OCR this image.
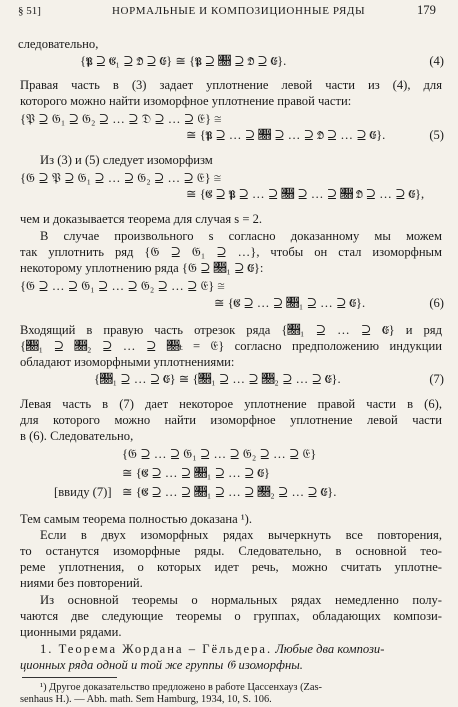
§ 51]	НОРМАЛЬНЫЕ И КОМПОЗИЦИОННЫЕ РЯДЫ	179
следовательно,
{𝔓 ⊇ 𝔊₁ ⊇ 𝔇 ⊇ 𝔈} ≅ {𝔓 ⊇ 𝔋 ⊇ 𝔇 ⊇ 𝔈}.	(4)
Правая часть в (3) задает уплотнение левой части из (4), для
которого можно найти изоморфное уплотнение правой части:
{𝔓 ⊇ 𝔊₁ ⊇ 𝔊₂ ⊇ … ⊇ 𝔇 ⊇ … ⊇ 𝔈} ≅
≅ {𝔓 ⊇ … ⊇ 𝔋 ⊇ … ⊇ 𝔇 ⊇ … ⊇ 𝔈}.	(5)
Из (3) и (5) следует изоморфизм
{𝔊 ⊇ 𝔓 ⊇ 𝔊₁ ⊇ … ⊇ 𝔊₂ ⊇ … ⊇ 𝔈} ≅
≅ {𝔊 ⊇ 𝔓 ⊇ … ⊇ 𝔋 ⊇ … ⊇ 𝔋 𝔇 ⊇ … ⊇ 𝔈},
чем и доказывается теорема для случая s = 2.
В случае произвольного s согласно доказанному мы можем
так уплотнить ряд {𝔊 ⊇ 𝔊₁ ⊇ …}, чтобы он стал изоморфным
некоторому уплотнению ряда {𝔊 ⊇ 𝔋₁ ⊇ 𝔈}:
{𝔊 ⊇ … ⊇ 𝔊₁ ⊇ … ⊇ 𝔊₂ ⊇ … ⊇ 𝔈} ≅
≅ {𝔊 ⊇ … ⊇ 𝔋₁ ⊇ … ⊇ 𝔈}.	(6)
Входящий в правую часть отрезок ряда {𝔋₁ ⊇ … ⊇ 𝔈} и ряд
{𝔋₁ ⊇ 𝔋₂ ⊇ … ⊇ 𝔋ₜ = 𝔈} согласно предположению индукции
обладают изоморфными уплотнениями:
{𝔋₁ ⊇ … ⊇ 𝔈} ≅ {𝔋₁ ⊇ … ⊇ 𝔋₂ ⊇ … ⊇ 𝔈}.	(7)
Левая часть в (7) дает некоторое уплотнение правой части в (6),
для которого можно найти изоморфное уплотнение левой части
в (6). Следовательно,
{𝔊 ⊇ … ⊇ 𝔊₁ ⊇ … ⊇ 𝔊₂ ⊇ … ⊇ 𝔈}
≅ {𝔊 ⊇ … ⊇ 𝔋₁ ⊇ … ⊇ 𝔈}
[ввиду (7)] ≅ {𝔊 ⊇ … ⊇ 𝔋₁ ⊇ … ⊇ 𝔋₂ ⊇ … ⊇ 𝔈}.
Тем самым теорема полностью доказана ¹).
Если в двух изоморфных рядах вычеркнуть все повторения,
то останутся изоморфные ряды. Следовательно, в основной тео-
реме уплотнения, о которых идет речь, можно считать уплотне-
ниями без повторений.
Из основной теоремы о нормальных рядах немедленно полу-
чаются две следующие теоремы о группах, обладающих компози-
ционными рядами.
1. Теорема Жордана – Гёльдера. Любые два компози-
ционных ряда одной и той же группы 𝔊 изоморфны.
¹) Другое доказательство предложено в работе Цассенхауз (Zas-
senhaus H.). — Abh. math. Sem Hamburg, 1934, 10, S. 106.
